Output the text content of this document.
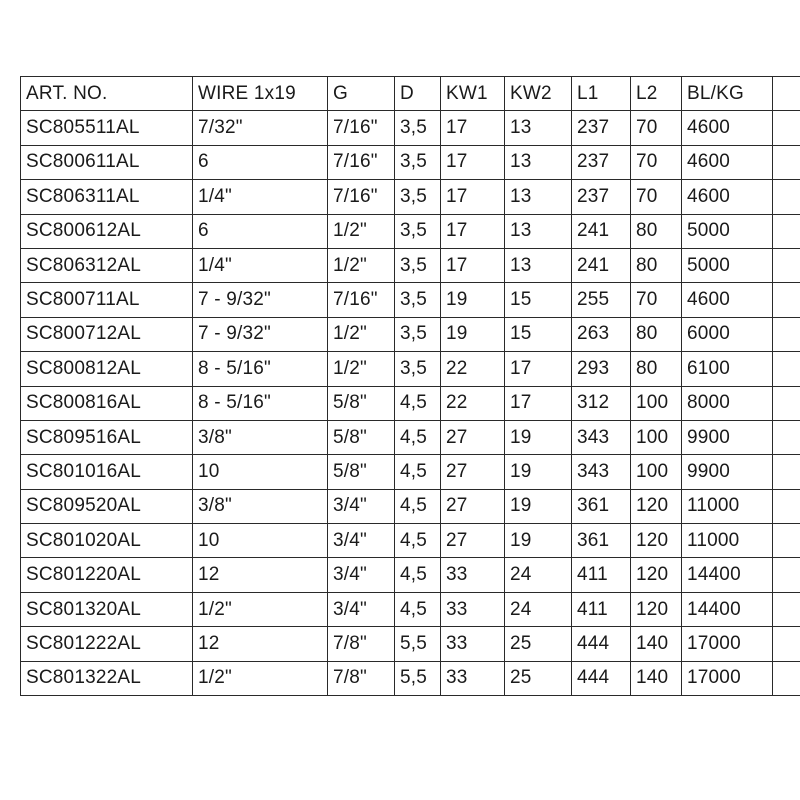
ART. NO.	WIRE 1x19	G	D	KW1	KW2	L1	L2	BL/KG	
SC805511AL	7/32"	7/16"	3,5	17	13	237	70	4600	
SC800611AL	6	7/16"	3,5	17	13	237	70	4600	
SC806311AL	1/4"	7/16"	3,5	17	13	237	70	4600	
SC800612AL	6	1/2"	3,5	17	13	241	80	5000	
SC806312AL	1/4"	1/2"	3,5	17	13	241	80	5000	
SC800711AL	7 - 9/32"	7/16"	3,5	19	15	255	70	4600	
SC800712AL	7 - 9/32"	1/2"	3,5	19	15	263	80	6000	
SC800812AL	8 - 5/16"	1/2"	3,5	22	17	293	80	6100	
SC800816AL	8 - 5/16"	5/8"	4,5	22	17	312	100	8000	
SC809516AL	3/8"	5/8"	4,5	27	19	343	100	9900	
SC801016AL	10	5/8"	4,5	27	19	343	100	9900	
SC809520AL	3/8"	3/4"	4,5	27	19	361	120	11000	
SC801020AL	10	3/4"	4,5	27	19	361	120	11000	
SC801220AL	12	3/4"	4,5	33	24	411	120	14400	
SC801320AL	1/2"	3/4"	4,5	33	24	411	120	14400	
SC801222AL	12	7/8"	5,5	33	25	444	140	17000	
SC801322AL	1/2"	7/8"	5,5	33	25	444	140	17000	
